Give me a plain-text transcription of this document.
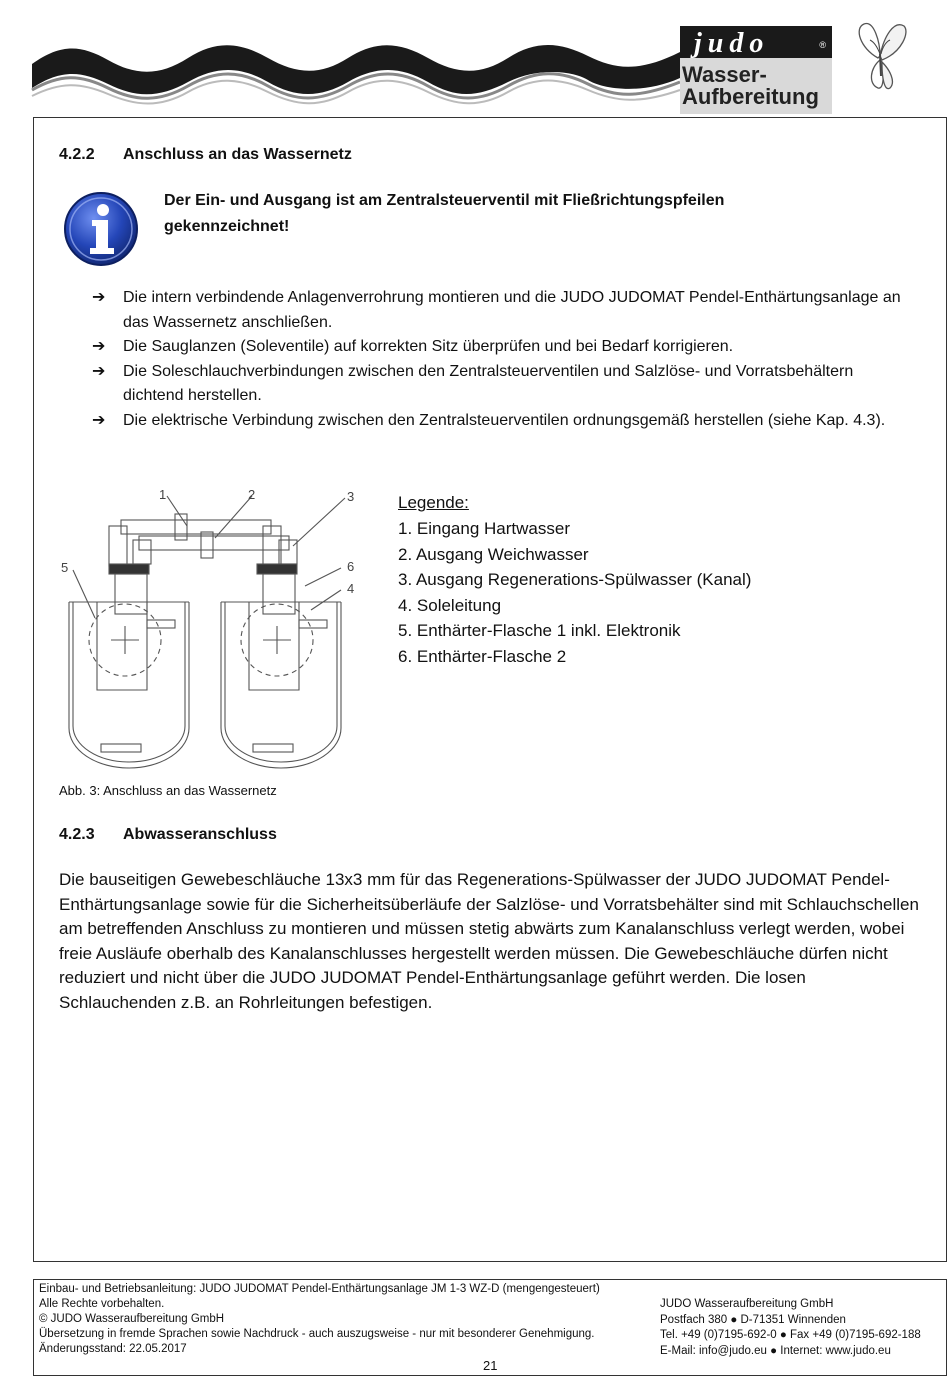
judo	®
Wasser-
Aufbereitung
4.2.2 Anschluss an das Wassernetz
Der Ein- und Ausgang ist am Zentralsteuerventil mit Fließrichtungspfeilen gekennzeichnet!
➔ Die intern verbindende Anlagenverrohrung montieren und die JUDO JUDOMAT Pendel-Enthärtungsanlage an das Wassernetz anschließen.
➔ Die Sauglanzen (Soleventile) auf korrekten Sitz überprüfen und bei Bedarf korrigieren.
➔ Die Soleschlauchverbindungen zwischen den Zentralsteuerventilen und Salzlöse- und Vorratsbehältern dichtend herstellen.
➔ Die elektrische Verbindung zwischen den Zentralsteuerventilen ordnungsgemäß herstellen (siehe Kap. 4.3).
1	2	3
4
5	6
Abb. 3: Anschluss an das Wassernetz
Legende:
1. Eingang Hartwasser
2. Ausgang Weichwasser
3. Ausgang Regenerations-Spülwasser (Kanal)
4. Soleleitung
5. Enthärter-Flasche 1 inkl. Elektronik
6. Enthärter-Flasche 2
4.2.3 Abwasseranschluss
Die bauseitigen Gewebeschläuche 13x3 mm für das Regenerations-Spülwasser der JUDO JUDOMAT Pendel-Enthärtungsanlage sowie für die Sicherheitsüberläufe der Salzlöse- und Vorratsbehälter sind mit Schlauchschellen am betreffenden Anschluss zu montieren und müssen stetig abwärts zum Kanalanschluss verlegt werden, wobei freie Ausläufe oberhalb des Kanalanschlusses hergestellt werden müssen. Die Gewebeschläuche dürfen nicht reduziert und nicht über die JUDO JUDOMAT Pendel-Enthärtungsanlage geführt werden. Die losen Schlauchenden z.B. an Rohrleitungen befestigen.
Einbau- und Betriebsanleitung: JUDO JUDOMAT Pendel-Enthärtungsanlage JM 1-3 WZ-D (mengengesteuert)
Alle Rechte vorbehalten.
© JUDO Wasseraufbereitung GmbH
Übersetzung in fremde Sprachen sowie Nachdruck - auch auszugsweise - nur mit besonderer Genehmigung.
Änderungsstand: 22.05.2017
JUDO Wasseraufbereitung GmbH
Postfach 380 ● D-71351 Winnenden
Tel. +49 (0)7195-692-0 ● Fax +49 (0)7195-692-188
E-Mail: info@judo.eu ● Internet: www.judo.eu
21
